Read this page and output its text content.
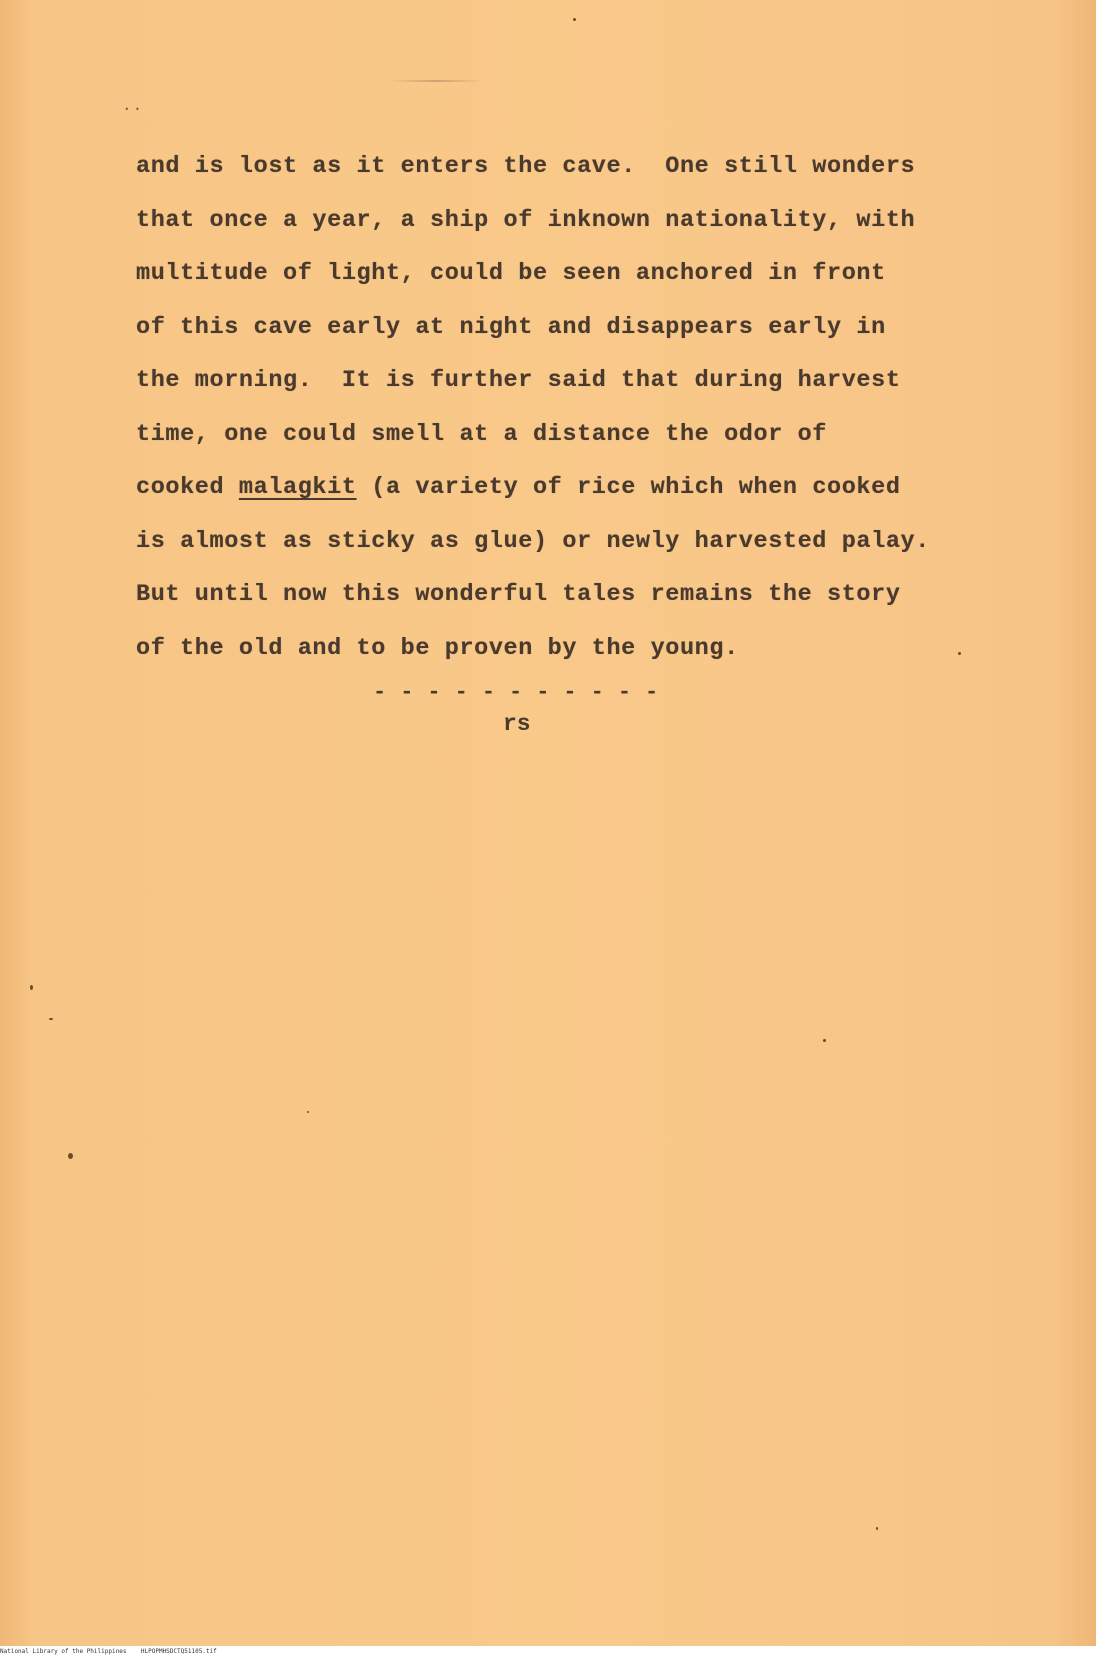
..
and is lost as it enters the cave.  One still wonders
that once a year, a ship of inknown nationality, with
multitude of light, could be seen anchored in front
of this cave early at night and disappears early in
the morning.  It is further said that during harvest
time, one could smell at a distance the odor of
cooked malagkit (a variety of rice which when cooked
is almost as sticky as glue) or newly harvested palay.
But until now this wonderful tales remains the story
of the old and to be proven by the young.
- - - - - - - - - - -
rs
National Library of the Philippines HLPOPMHSDCTQ51105.tif
